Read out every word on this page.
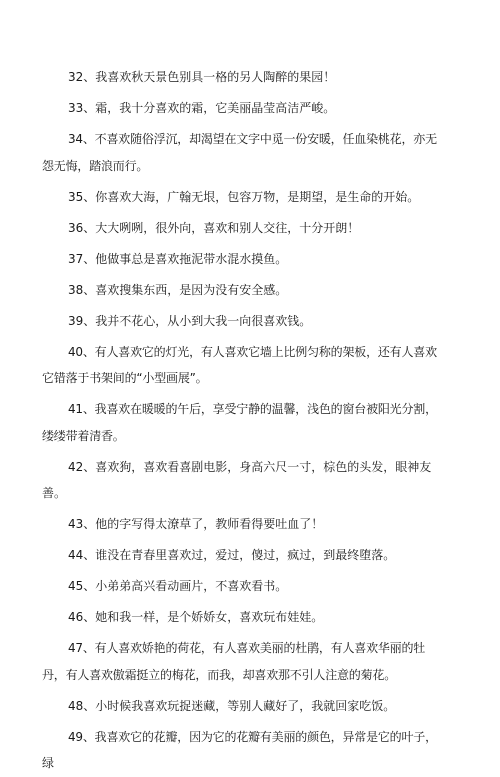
32、我喜欢秋天景色别具一格的另人陶醉的果园！

33、霜，我十分喜欢的霜，它美丽晶莹高洁严峻。

34、不喜欢随俗浮沉，却渴望在文字中觅一份安暖，任血染桃花，亦无怨无悔，踏浪而行。

35、你喜欢大海，广翰无垠，包容万物，是期望，是生命的开始。

36、大大咧咧，很外向，喜欢和别人交往，十分开朗！

37、他做事总是喜欢拖泥带水混水摸鱼。

38、喜欢搜集东西，是因为没有安全感。

39、我并不花心，从小到大我一向很喜欢钱。

40、有人喜欢它的灯光，有人喜欢它墙上比例匀称的架板，还有人喜欢它错落于书架间的“小型画展”。

41、我喜欢在暖暖的午后，享受宁静的温馨，浅色的窗台被阳光分割，缕缕带着清香。

42、喜欢狗，喜欢看喜剧电影，身高六尺一寸，棕色的头发，眼神友善。

43、他的字写得太潦草了，教师看得要吐血了！

44、谁没在青春里喜欢过，爱过，傻过，疯过，到最终堕落。

45、小弟弟高兴看动画片，不喜欢看书。

46、她和我一样，是个娇娇女，喜欢玩布娃娃。

47、有人喜欢娇艳的荷花，有人喜欢美丽的杜鹃，有人喜欢华丽的牡丹，有人喜欢傲霜挺立的梅花，而我，却喜欢那不引人注意的菊花。

48、小时候我喜欢玩捉迷藏，等别人藏好了，我就回家吃饭。

49、我喜欢它的花瓣，因为它的花瓣有美丽的颜色，异常是它的叶子，绿
